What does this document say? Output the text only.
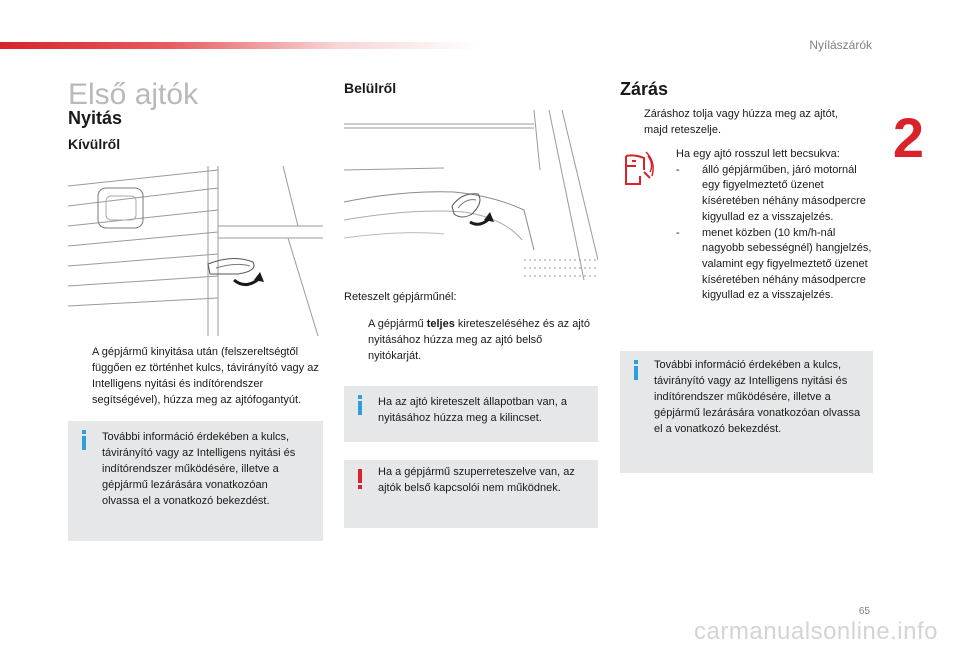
Nyílászárók
2
Első ajtók
Nyitás
Kívülről
A gépjármű kinyitása után (felszereltségtől függően ez történhet kulcs, távirányító vagy az Intelligens nyitási és indítórendszer segítségével), húzza meg az ajtófogantyút.
További információ érdekében a kulcs, távirányító vagy az Intelligens nyitási és indítórendszer működésére, illetve a gépjármű lezárására vonatkozóan olvassa el a vonatkozó bekezdést.
Belülről
Reteszelt gépjárműnél:
A gépjármű teljes kireteszeléséhez és az ajtó nyitásához húzza meg az ajtó belső nyitókarját.
Ha az ajtó kireteszelt állapotban van, a nyitásához húzza meg a kilincset.
Ha a gépjármű szuperreteszelve van, az ajtók belső kapcsolói nem működnek.
Zárás
Záráshoz tolja vagy húzza meg az ajtót, majd reteszelje.
Ha egy ajtó rosszul lett becsukva:
-	álló gépjárműben, járó motornál egy figyelmeztető üzenet kíséretében néhány másodpercre kigyullad ez a visszajelzés.
-	menet közben (10 km/h-nál nagyobb sebességnél) hangjelzés, valamint egy figyelmeztető üzenet kíséretében néhány másodpercre kigyullad ez a visszajelzés.
További információ érdekében a kulcs, távirányító vagy az Intelligens nyitási és indítórendszer működésére, illetve a gépjármű lezárására vonatkozóan olvassa el a vonatkozó bekezdést.
65
carmanualsonline.info
